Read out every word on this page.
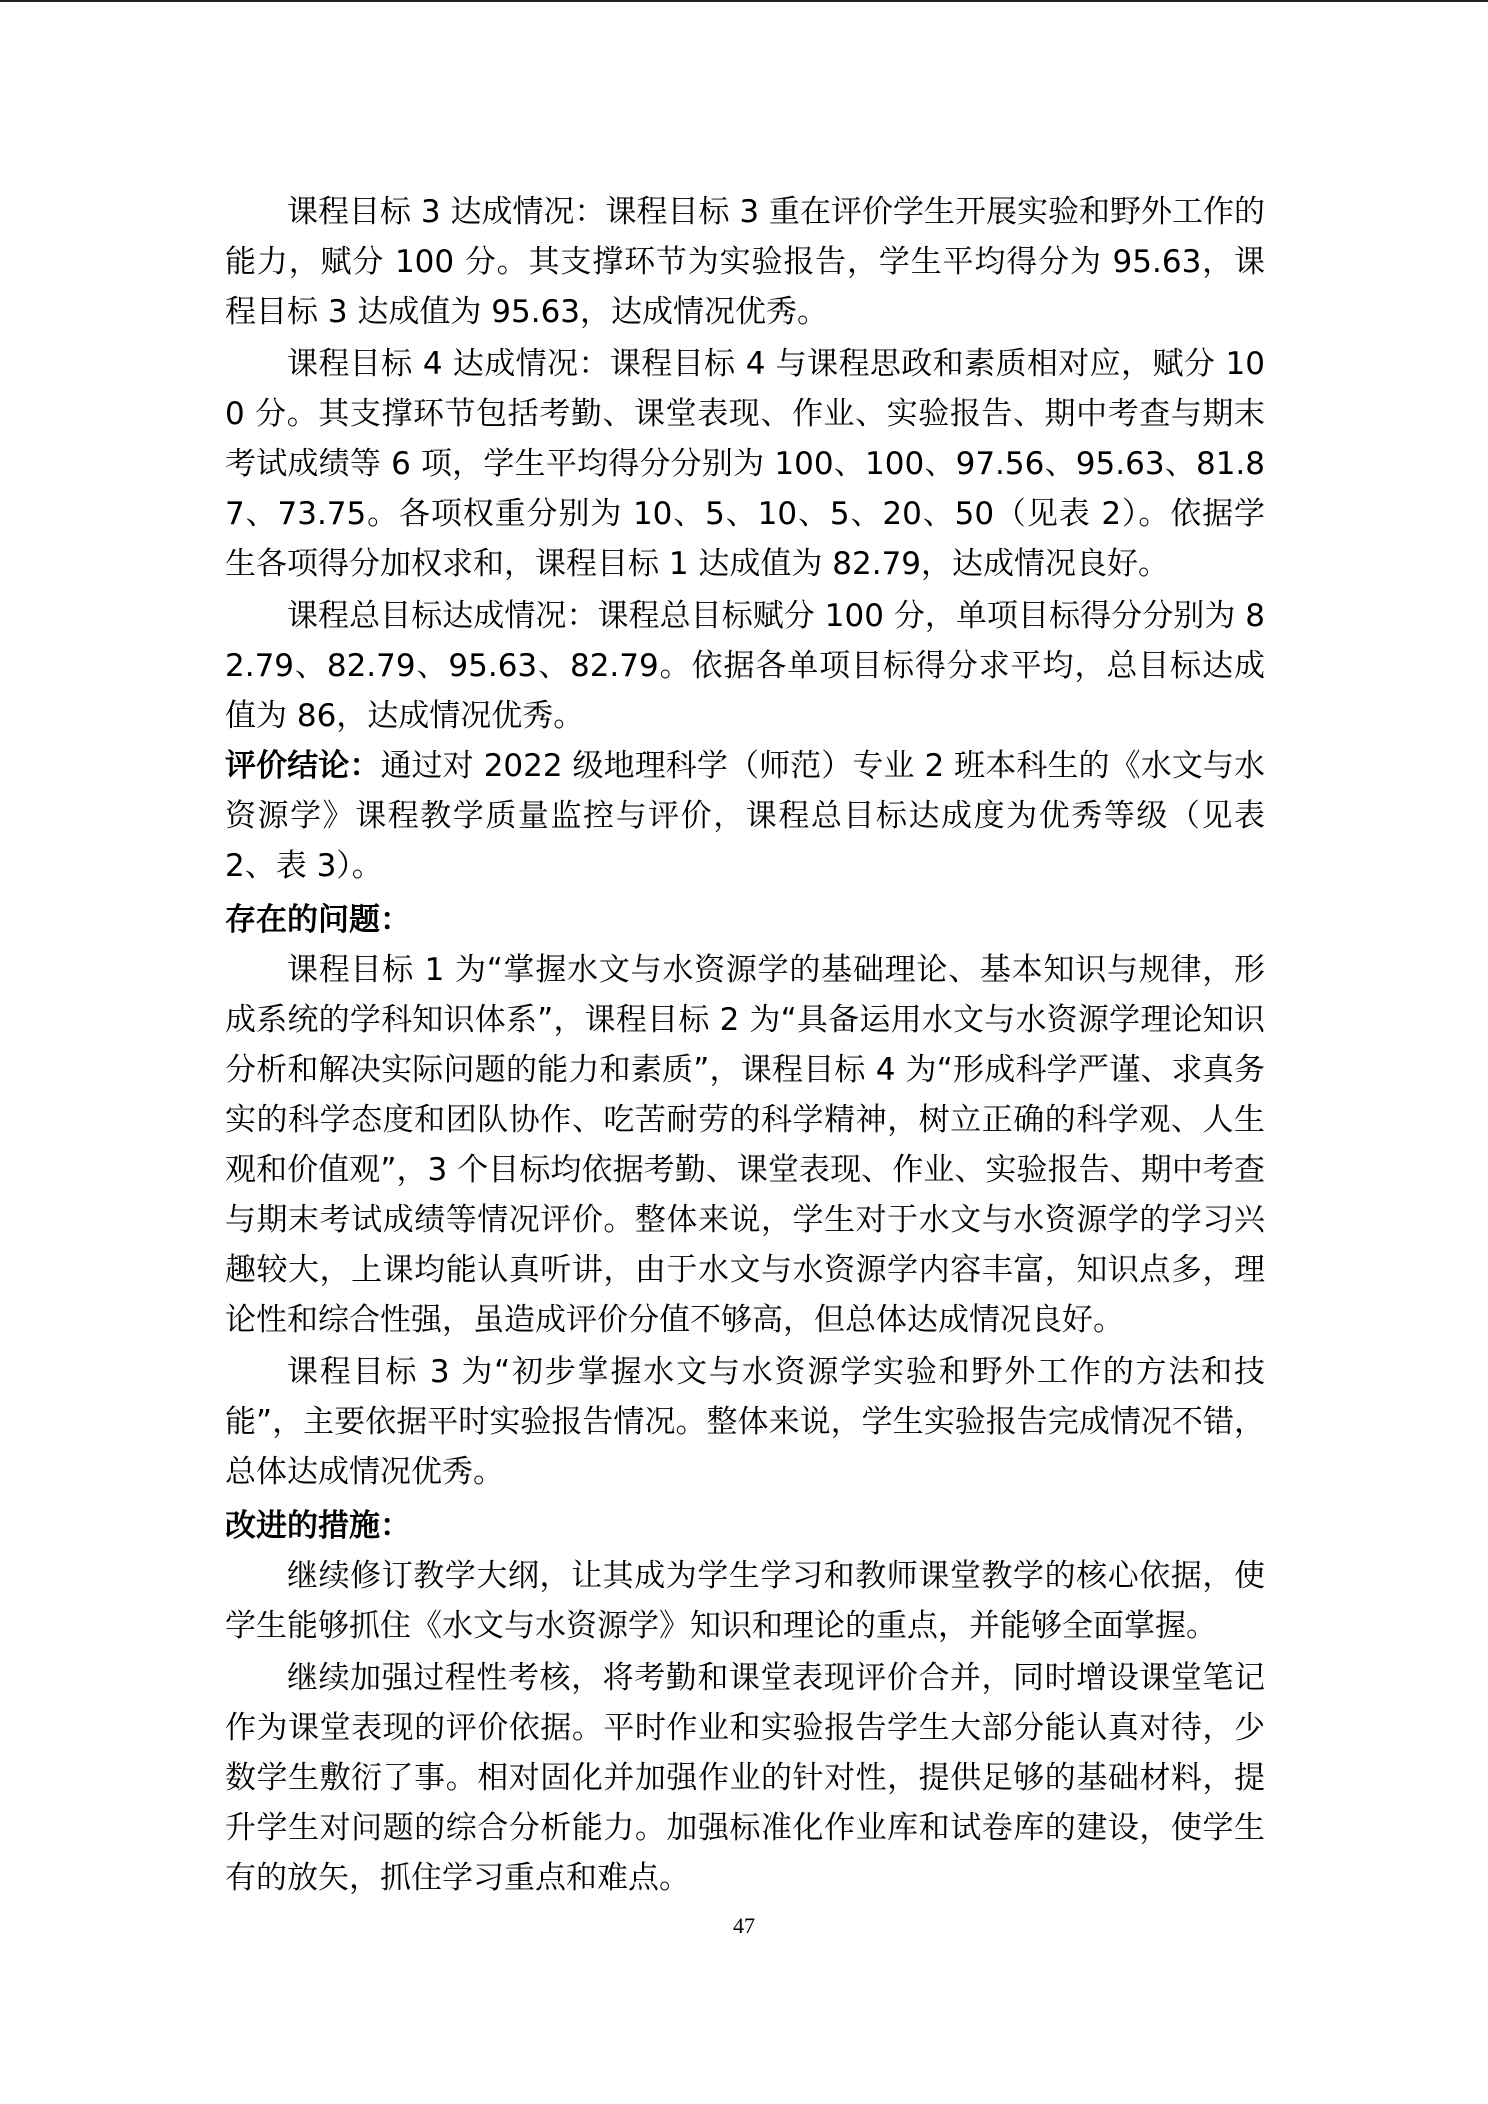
课程目标 3 达成情况：课程目标 3 重在评价学生开展实验和野外工作的能力，赋分 100 分。其支撑环节为实验报告，学生平均得分为 95.63，课程目标 3 达成值为 95.63，达成情况优秀。

课程目标 4 达成情况：课程目标 4 与课程思政和素质相对应，赋分 100 分。其支撑环节包括考勤、课堂表现、作业、实验报告、期中考查与期末考试成绩等 6 项，学生平均得分分别为 100、100、97.56、95.63、81.87、73.75。各项权重分别为 10、5、10、5、20、50（见表 2）。依据学生各项得分加权求和，课程目标 1 达成值为 82.79，达成情况良好。

课程总目标达成情况：课程总目标赋分 100 分，单项目标得分分别为 82.79、82.79、95.63、82.79。依据各单项目标得分求平均，总目标达成值为 86，达成情况优秀。

评价结论：通过对 2022 级地理科学（师范）专业 2 班本科生的《水文与水资源学》课程教学质量监控与评价，课程总目标达成度为优秀等级（见表 2、表 3）。

存在的问题：

课程目标 1 为“掌握水文与水资源学的基础理论、基本知识与规律，形成系统的学科知识体系”，课程目标 2 为“具备运用水文与水资源学理论知识分析和解决实际问题的能力和素质”，课程目标 4 为“形成科学严谨、求真务实的科学态度和团队协作、吃苦耐劳的科学精神，树立正确的科学观、人生观和价值观”，3 个目标均依据考勤、课堂表现、作业、实验报告、期中考查与期末考试成绩等情况评价。整体来说，学生对于水文与水资源学的学习兴趣较大，上课均能认真听讲，由于水文与水资源学内容丰富，知识点多，理论性和综合性强，虽造成评价分值不够高，但总体达成情况良好。

课程目标 3 为“初步掌握水文与水资源学实验和野外工作的方法和技能”，主要依据平时实验报告情况。整体来说，学生实验报告完成情况不错，总体达成情况优秀。

改进的措施：

继续修订教学大纲，让其成为学生学习和教师课堂教学的核心依据，使学生能够抓住《水文与水资源学》知识和理论的重点，并能够全面掌握。

继续加强过程性考核，将考勤和课堂表现评价合并，同时增设课堂笔记作为课堂表现的评价依据。平时作业和实验报告学生大部分能认真对待，少数学生敷衍了事。相对固化并加强作业的针对性，提供足够的基础材料，提升学生对问题的综合分析能力。加强标准化作业库和试卷库的建设，使学生有的放矢，抓住学习重点和难点。

47
